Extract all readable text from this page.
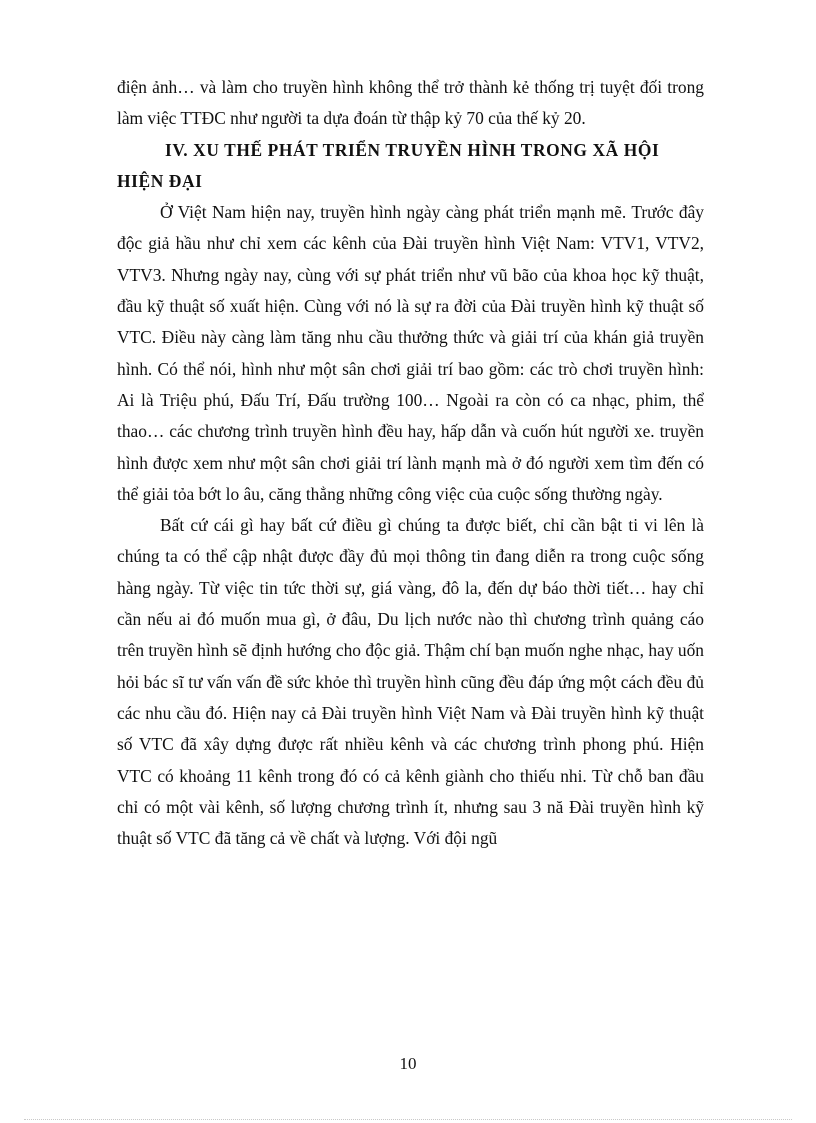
điện ảnh… và làm cho truyền hình không thể trở thành kẻ thống trị tuyệt đối trong làm việc TTĐC như người ta dựa đoán từ thập kỷ 70 của thế kỷ 20.

IV. XU THẾ PHÁT TRIỂN TRUYỀN HÌNH TRONG XÃ HỘI HIỆN ĐẠI

Ở Việt Nam hiện nay, truyền hình ngày càng phát triển mạnh mẽ. Trước đây độc giả hầu như chỉ xem các kênh của Đài truyền hình Việt Nam: VTV1, VTV2, VTV3. Nhưng ngày nay, cùng với sự phát triển như vũ bão của khoa học kỹ thuật, đầu kỹ thuật số xuất hiện. Cùng với nó là sự ra đời của Đài truyền hình kỹ thuật số VTC. Điều này càng làm tăng nhu cầu thưởng thức và giải trí của khán giả truyền hình. Có thể nói, hình như một sân chơi giải trí bao gồm: các trò chơi truyền hình: Ai là Triệu phú, Đấu Trí, Đấu trường 100… Ngoài ra còn có ca nhạc, phim, thể thao… các chương trình truyền hình đều hay, hấp dẫn và cuốn hút người xe. truyền hình được xem như một sân chơi giải trí lành mạnh mà ở đó người xem tìm đến có thể giải tỏa bớt lo âu, căng thẳng những công việc của cuộc sống thường ngày.

Bất cứ cái gì hay bất cứ điều gì chúng ta được biết, chỉ cần bật ti vi lên là chúng ta có thể cập nhật được đầy đủ mọi thông tin đang diễn ra trong cuộc sống hàng ngày. Từ việc tin tức thời sự, giá vàng, đô la, đến dự báo thời tiết… hay chỉ cần nếu ai đó muốn mua gì, ở đâu, Du lịch nước nào thì chương trình quảng cáo trên truyền hình sẽ định hướng cho độc giả. Thậm chí bạn muốn nghe nhạc, hay uốn hỏi bác sĩ tư vấn vấn đề sức khỏe thì truyền hình cũng đều đáp ứng một cách đều đủ các nhu cầu đó. Hiện nay cả Đài truyền hình Việt Nam và Đài truyền hình kỹ thuật số VTC đã xây dựng được rất nhiều kênh và các chương trình phong phú. Hiện VTC có khoảng 11 kênh trong đó có cả kênh giành cho thiếu nhi. Từ chỗ ban đầu chỉ có một vài kênh, số lượng chương trình ít, nhưng sau 3 nă Đài truyền hình kỹ thuật số VTC đã tăng cả về chất và lượng. Với đội ngũ

10
